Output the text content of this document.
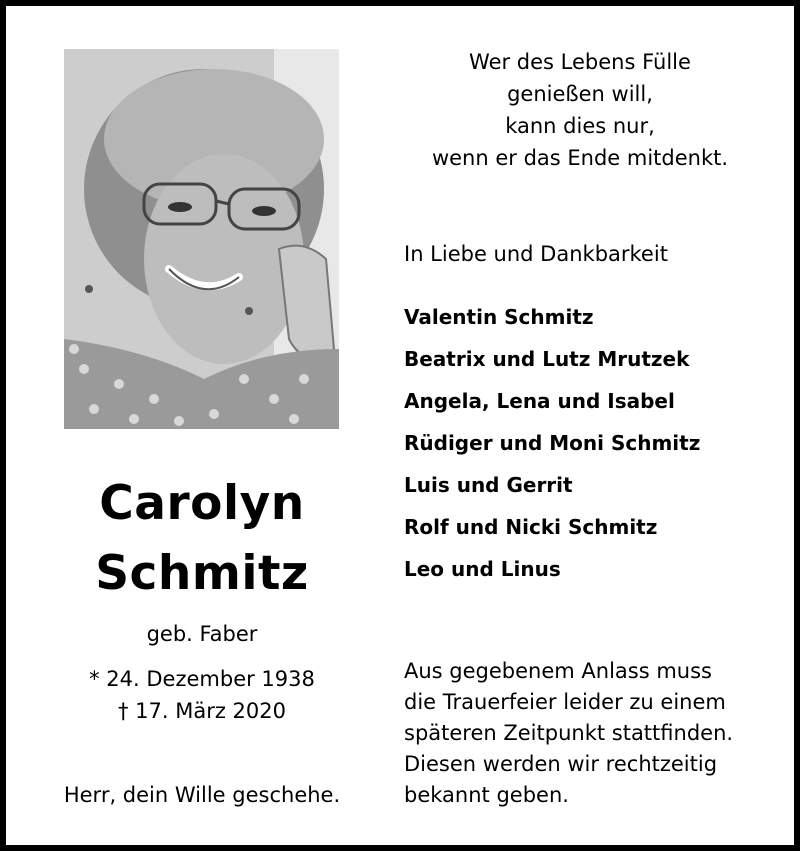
Carolyn
Schmitz
geb. Faber
* 24. Dezember 1938
† 17. März 2020
Herr, dein Wille geschehe.
Wer des Lebens Fülle
genießen will,
kann dies nur,
wenn er das Ende mitdenkt.
In Liebe und Dankbarkeit
Valentin Schmitz
Beatrix und Lutz Mrutzek
Angela, Lena und Isabel
Rüdiger und Moni Schmitz
Luis und Gerrit
Rolf und Nicki Schmitz
Leo und Linus
Aus gegebenem Anlass muss
die Trauerfeier leider zu einem
späteren Zeitpunkt stattfinden.
Diesen werden wir rechtzeitig
bekannt geben.
